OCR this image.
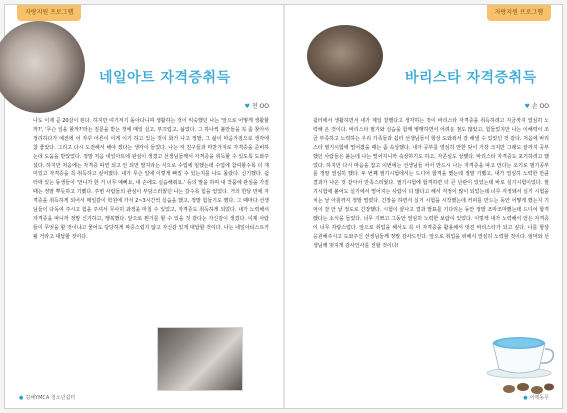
자랑지원 프로그램
네일아트 자격증취득
♥ 전 OO
나도 이제 곧 20살이 된다. 하지만 여기저기 돌아다니며 생활하는 것이 익숙했던 나는 '앞으로 어떻게 생활할까?', '무슨 일을 할까?'라는 질문을 받는 것에 매일 실고, 부끄럽고, 싫었다. 그 하나씩 불만들을 꼭 좀 찾아서 정리하다가 예전에 어 자꾸 어른이 이게 이기 하고 있는 것이 화가 나고 정말, 그 삶이 마음가짐으로 생각에 참 좋았다. 그리고 다시 도전해서 해야 겠다는 생각이 들었다. 나는 저 친구들과 마찬가지로 자격증을 준비하는데 도움을 받았었다. 정말 처음 네일아트에 관심이 생겼고 선생님들께서 자격증을 취득할 수 있도록 도와주셨다. 하지만 처음에는 자격증 따면 되고 안 되면 말지라는 식으로 수업에 임했는데 수업에 참여할수록 더 재미있고 자격증을 꼭 취득하고 싶어졌다. 내가 무슨 일에 이렇게 빠질 수 있는지를 나도 몰랐다. 신기했다. 쉼터에 있는 동생들이 '언니가 한 거 너무 예뻐요, 내 손에도 실습해줘요.' 등의 말을 하며 내 작품에 관심을 가질 때는 정말 뿌듯하고 기뻤다. 주변 사람들의 관심이 부담스러웠던 나는 갈수록 힘을 얻었다. 거의 한달 만에 자격증을 취득하게 되어서 매일같이 학원에 가서 2~3시간씩 실습을 했고, 정말 힘들기도 했다. 그 때마다 선생님들이 다독여 주시고 힘을 주셔서 무사히 과정을 마칠 수 있었고, 자격증도 취득하게 되었다. 내가 노력해서 자격증을 따니까 정말 신기하고, 행복했다. 앞으로 뭔가를 할 수 있을 것 같다는 자신감이 생겼다. 이제 사람들이 무엇을 할 것이냐고 물어도 당당하게 짜증스럽지 않고 자신감 있게 대답할 것이다. 나는 네일아티스트가 될 거라고 대답할 것이다.
● 김해YMCA 청소년쉼터
자랑지원 프로그램
바리스타 자격증취득
♥ 손 OO
쉼터에서 생활하면서 내가 제일 잘했다고 생각하는 것이 바리스타 자격증을 취득하려고 지금까지 열심히 노력해 온 것이다. 바리스타 필기와 실습을 함께 병행하면서 어려운 점도 많았고, 힘들었지만 나는 이해력이 조금 부족하고 노력하는 우리 가족들과 쉼터 선생님들이 항상 도와줘서 잘 해낼 수 있었던 것 같다. 처음에 바리스타 필기시험에 떨어졌을 때는 좀 속상했다. 내가 공부를 열심히 안한 탓이 가장 크지만 그래도 끝까지 공부했던 사람들은 붙는데 나는 떨어지니까 속상하기도 하고, 자존심도 상했다. 바리스타 자격증도 포기하려고 했었다. 하지만 다시 마음을 잡고 이번에는 선생님들 어서 반드시 나는 자격증을 따고 만다는 오기로 필기공부를 정말 열심히 했다. 두 번째 필기시험에서는 드디어 합격을 했는데 정말 기뻤고, 내가 열심히 노력한 만큼 결과가 나온 것 같아서 만족스러웠다. 필기시험에 합격하면 더 큰 난관이 있었는데 바로 실기시험이었다. 필기시험에 붙어도 실기에서 떨어지는 사람이 더 많다고 해서 걱정이 많이 되었는데 너무 걱정돼서 실기 시험을 치는 날 아침까지 정말 떨렸다. 긴장을 하면서 실기 시험을 시작했는데 커피를 만드는 동안 어떻게 했는지 기억이 잘 안 날 정도로 긴장했다. 시험이 끝나고 결과 발표를 기다리는 동안 정말 조마조마했는데 드디어 합격했다는 소식을 들었다. 너무 기쁘고 그동안 열심히 노력한 보람이 있었다. 이렇게 내가 노력해서 얻은 자격증이 너무 자랑스럽다. 앞으로 취업을 해서도 꼭 이 자격증을 활용해서 멋진 바리스타가 되고 싶다. 나를 항상 응원해주시고 도와주신 선생님들께 정말 감사드린다. 앞으로 취업을 위해서 열심히 노력할 것이다. 엄마와 선생님께 멋지게 감사인사를 전할 것이다!
● 어깨동무
